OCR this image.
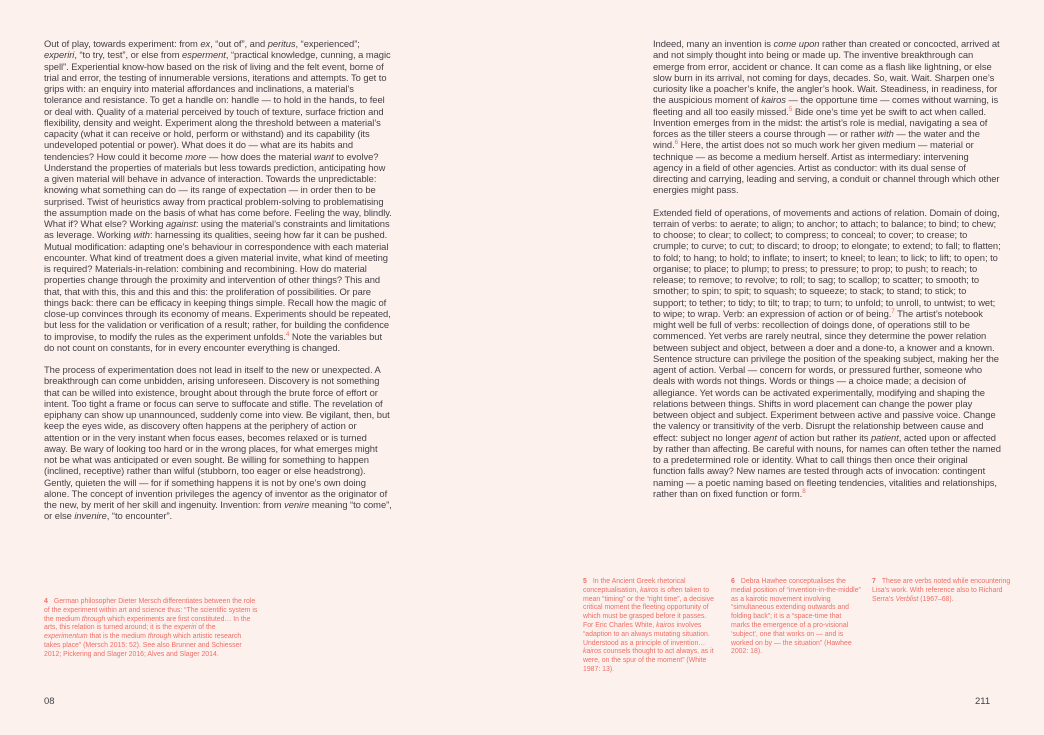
Out of play, towards experiment: from ex, “out of”, and peritus, “experienced”; experiri, “to try, test”, or else from esperment, “practical knowledge, cunning, a magic spell”. Experiential know-how based on the risk of living and the felt event, borne of trial and error, the testing of innumerable versions, iterations and attempts. To get to grips with: an enquiry into material affordances and inclinations, a material’s tolerance and resistance. To get a handle on: handle — to hold in the hands, to feel or deal with. Quality of a material perceived by touch of texture, surface friction and flexibility, density and weight. Experiment along the threshold between a material’s capacity (what it can receive or hold, perform or withstand) and its capability (its undeveloped potential or power). What does it do — what are its habits and tendencies? How could it become more — how does the material want to evolve? Understand the properties of materials but less towards prediction, anticipating how a given material will behave in advance of interaction. Towards the unpredictable: knowing what something can do — its range of expectation — in order then to be surprised. Twist of heuristics away from practical problem-solving to problematising the assumption made on the basis of what has come before. Feeling the way, blindly. What if? What else? Working against: using the material’s constraints and limitations as leverage. Working with: harnessing its qualities, seeing how far it can be pushed. Mutual modification: adapting one’s behaviour in correspondence with each material encounter. What kind of treatment does a given material invite, what kind of meeting is required? Materials-in-relation: combining and recombining. How do material properties change through the proximity and intervention of other things? This and that, that with this, this and this and this: the proliferation of possibilities. Or pare things back: there can be efficacy in keeping things simple. Recall how the magic of close-up convinces through its economy of means. Experiments should be repeated, but less for the validation or verification of a result; rather, for building the confidence to improvise, to modify the rules as the experiment unfolds.$^4$ Note the variables but do not count on constants, for in every encounter everything is changed.

The process of experimentation does not lead in itself to the new or unexpected. A breakthrough can come unbidden, arising unforeseen. Discovery is not something that can be willed into existence, brought about through the brute force of effort or intent. Too tight a frame or focus can serve to suffocate and stifle. The revelation of epiphany can show up unannounced, suddenly come into view. Be vigilant, then, but keep the eyes wide, as discovery often happens at the periphery of action or attention or in the very instant when focus eases, becomes relaxed or is turned away. Be wary of looking too hard or in the wrong places, for what emerges might not be what was anticipated or even sought. Be willing for something to happen (inclined, receptive) rather than wilful (stubborn, too eager or else headstrong). Gently, quieten the will — for if something happens it is not by one’s own doing alone. The concept of invention privileges the agency of inventor as the originator of the new, by merit of her skill and ingenuity. Invention: from venire meaning “to come”, or else invenire, “to encounter”.

4 German philosopher Dieter Mersch differentiates between the role of the experiment within art and science thus: “The scientific system is the medium through which experiments are first constituted… In the arts, this relation is turned around; it is the experiri of the experimentum that is the medium through which artistic research takes place” (Mersch 2015: 52). See also Brunner and Schiesser 2012; Pickering and Slager 2016; Alves and Slager 2014.
08

Indeed, many an invention is come upon rather than created or concocted, arrived at and not simply thought into being or made up. The inventive breakthrough can emerge from error, accident or chance. It can come as a flash like lightning, or else slow burn in its arrival, not coming for days, decades. So, wait. Wait. Sharpen one’s curiosity like a poacher’s knife, the angler’s hook. Wait. Steadiness, in readiness, for the auspicious moment of kairos — the opportune time — comes without warning, is fleeting and all too easily missed.$^5$ Bide one’s time yet be swift to act when called. Invention emerges from in the midst: the artist’s role is medial, navigating a sea of forces as the tiller steers a course through — or rather with — the water and the wind.$^6$ Here, the artist does not so much work her given medium — material or technique — as become a medium herself. Artist as intermediary: intervening agency in a field of other agencies. Artist as conductor: with its dual sense of directing and carrying, leading and serving, a conduit or channel through which other energies might pass.

Extended field of operations, of movements and actions of relation. Domain of doing, terrain of verbs: to aerate; to align; to anchor; to attach; to balance; to bind; to chew; to choose; to clear; to collect; to compress; to conceal; to cover; to crease; to crumple; to curve; to cut; to discard; to droop; to elongate; to extend; to fall; to flatten; to fold; to hang; to hold; to inflate; to insert; to kneel; to lean; to lick; to lift; to open; to organise; to place; to plump; to press; to pressure; to prop; to push; to reach; to release; to remove; to revolve; to roll; to sag; to scallop; to scatter; to smooth; to smother; to spin; to spit; to squash; to squeeze; to stack; to stand; to stick; to support; to tether; to tidy; to tilt; to trap; to turn; to unfold; to unroll, to untwist; to wet; to wipe; to wrap. Verb: an expression of action or of being.$^7$ The artist’s notebook might well be full of verbs: recollection of doings done, of operations still to be commenced. Yet verbs are rarely neutral, since they determine the power relation between subject and object, between a doer and a done-to, a knower and a known. Sentence structure can privilege the position of the speaking subject, making her the agent of action. Verbal — concern for words, or pressured further, someone who deals with words not things. Words or things — a choice made; a decision of allegiance. Yet words can be activated experimentally, modifying and shaping the relations between things. Shifts in word placement can change the power play between object and subject. Experiment between active and passive voice. Change the valency or transitivity of the verb. Disrupt the relationship between cause and effect: subject no longer agent of action but rather its patient, acted upon or affected by rather than affecting. Be careful with nouns, for names can often tether the named to a predetermined role or identity. What to call things then once their original function falls away? New names are tested through acts of invocation: contingent naming — a poetic naming based on fleeting tendencies, vitalities and relationships, rather than on fixed function or form.$^8$

5 In the Ancient Greek rhetorical conceptualisation, kairos is often taken to mean “timing” or the “right time”, a decisive critical moment the fleeting opportunity of which must be grasped before it passes. For Eric Charles White, kairos involves “adaption to an always mutating situation. Understood as a principle of invention… kairos counsels thought to act always, as it were, on the spur of the moment” (White 1987: 13).
6 Debra Hawhee conceptualises the medial position of “invention-in-the-middle” as a kairotic movement involving “simultaneous extending outwards and folding back”; it is a “space-time that marks the emergence of a pro-visional ‘subject’, one that works on — and is worked on by — the situation” (Hawhee 2002: 18).
7 These are verbs noted while encountering Lisa’s work. With reference also to Richard Serra’s Verblist (1967–68).
211
